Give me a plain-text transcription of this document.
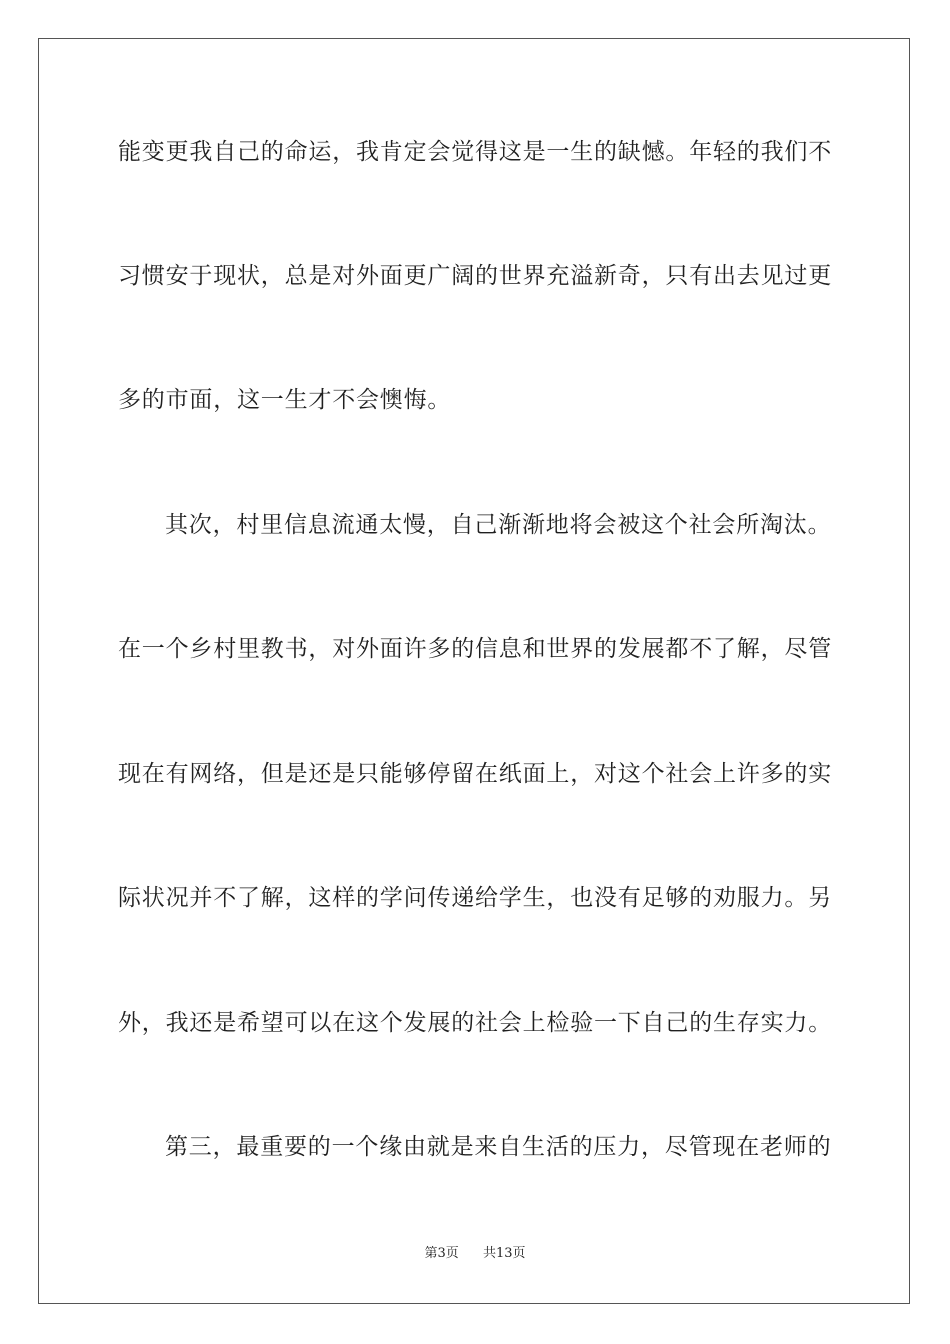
能变更我自己的命运，我肯定会觉得这是一生的缺憾。年轻的我们不
习惯安于现状，总是对外面更广阔的世界充溢新奇，只有出去见过更
多的市面，这一生才不会懊悔。
其次，村里信息流通太慢，自己渐渐地将会被这个社会所淘汰。
在一个乡村里教书，对外面许多的信息和世界的发展都不了解，尽管
现在有网络，但是还是只能够停留在纸面上，对这个社会上许多的实
际状况并不了解，这样的学问传递给学生，也没有足够的劝服力。另
外，我还是希望可以在这个发展的社会上检验一下自己的生存实力。
第三，最重要的一个缘由就是来自生活的压力，尽管现在老师的
第3页 共13页
